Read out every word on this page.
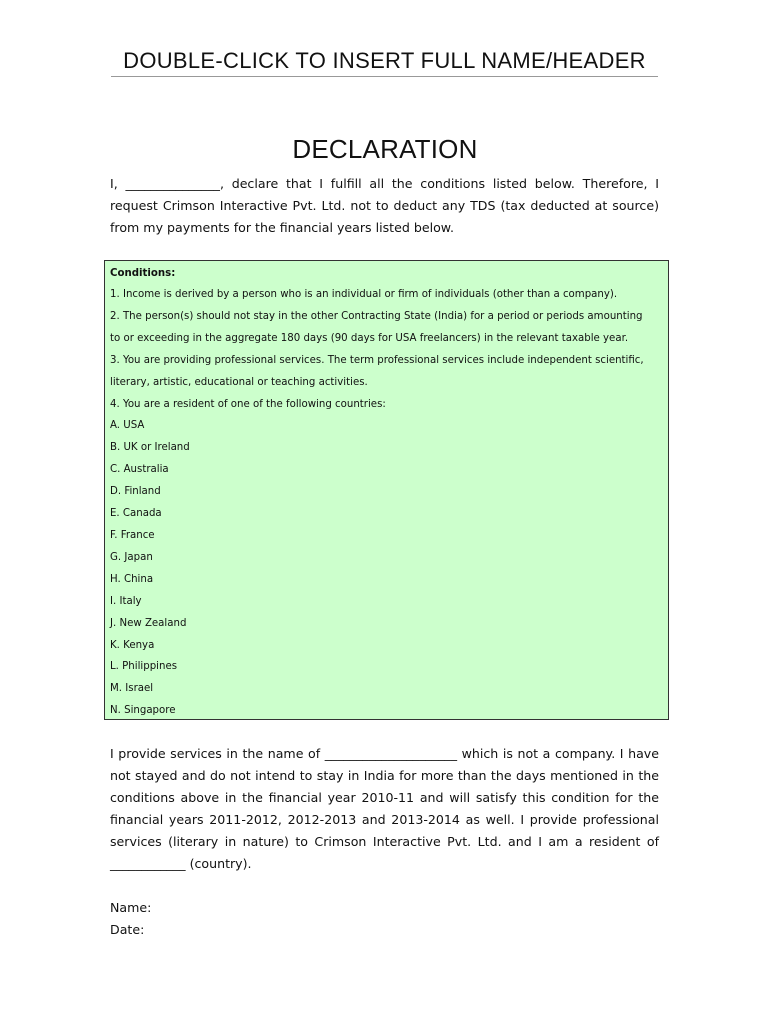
DOUBLE-CLICK TO INSERT FULL NAME/HEADER
DECLARATION
I, _______________, declare that I fulfill all the conditions listed below. Therefore, I request Crimson Interactive Pvt. Ltd. not to deduct any TDS (tax deducted at source) from my payments for the financial years listed below.
Conditions:
1. Income is derived by a person who is an individual or firm of individuals (other than a company).
2. The person(s) should not stay in the other Contracting State (India) for a period or periods amounting
to or exceeding in the aggregate 180 days (90 days for USA freelancers) in the relevant taxable year.
3. You are providing professional services. The term professional services include independent scientific,
literary, artistic, educational or teaching activities.
4. You are a resident of one of the following countries:
A. USA
B. UK or Ireland
C. Australia
D. Finland
E. Canada
F. France
G. Japan
H. China
I. Italy
J. New Zealand
K. Kenya
L. Philippines
M. Israel
N. Singapore
I provide services in the name of _____________________ which is not a company. I have not stayed and do not intend to stay in India for more than the days mentioned in the conditions above in the financial year 2010-11 and will satisfy this condition for the financial years 2011-2012, 2012-2013 and 2013-2014 as well. I provide professional services (literary in nature) to Crimson Interactive Pvt. Ltd. and I am a resident of ____________ (country).
Name:
Date:
